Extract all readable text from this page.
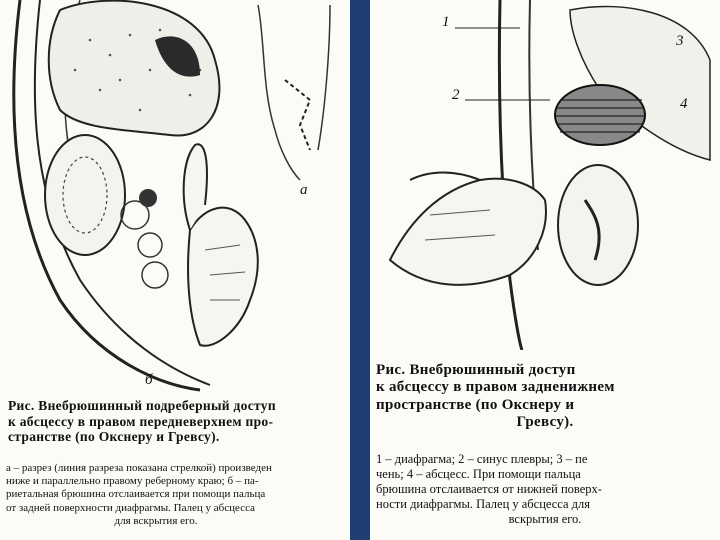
а
б
Рис. Внебрюшинный подреберный доступ
к абсцессу в правом передневерхнем про-
странстве (по Окснеру и Гревсу).
а – разрез (линия разреза показана стрелкой) произведен
ниже и параллельно правому реберному краю; б – па-
риетальная брюшина отслаивается при помощи пальца
от задней поверхности диафрагмы. Палец у абсцесса
для вскрытия его.
1
2
3
4
Рис. Внебрюшинный доступ
к абсцессу в правом задненижнем
пространстве (по Окснеру и
Гревсу).
1 – диафрагма; 2 – синус плевры; 3 – пе
чень; 4 – абсцесс. При помощи пальца
брюшина отслаивается от нижней поверх-
ности диафрагмы. Палец у абсцесса для
вскрытия его.
